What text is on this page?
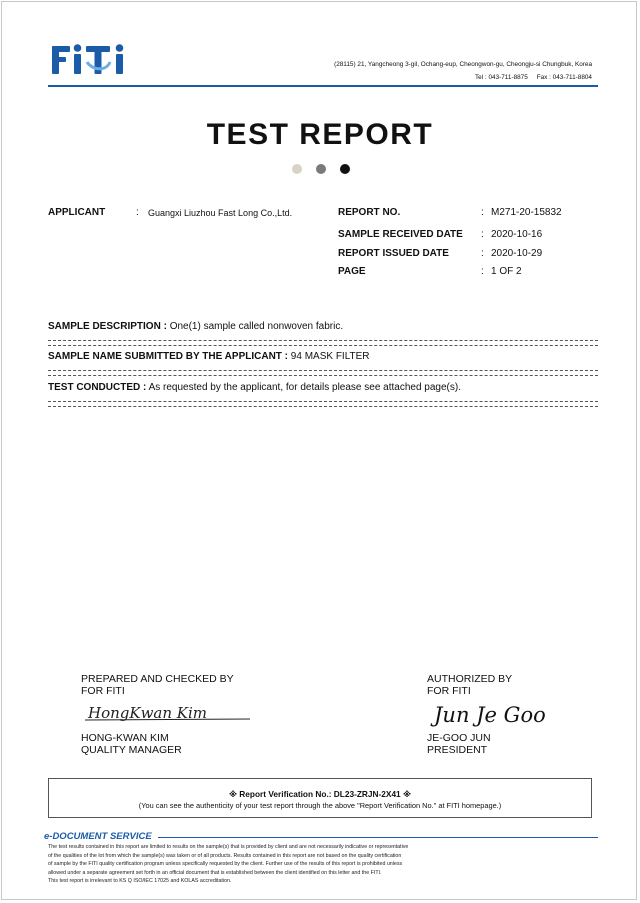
(28115) 21, Yangcheong 3-gil, Ochang-eup, Cheongwon-gu, Cheongju-si Chungbuk, Korea
Tel : 043-711-8875 Fax : 043-711-8804
TEST REPORT
APPLICANT	: Guangxi Liuzhou Fast Long Co.,Ltd.	REPORT NO.	: M271-20-15832
SAMPLE RECEIVED DATE : 2020-10-16
REPORT ISSUED DATE	: 2020-10-29
PAGE	: 1 OF 2
SAMPLE DESCRIPTION : One(1) sample called nonwoven fabric.
SAMPLE NAME SUBMITTED BY THE APPLICANT : 94 MASK FILTER
TEST CONDUCTED : As requested by the applicant, for details please see attached page(s).
PREPARED AND CHECKED BY
FOR FITI
HongKwan Kim
HONG-KWAN KIM
QUALITY MANAGER
AUTHORIZED BY
FOR FITI
Jun Je Goo
JE-GOO JUN
PRESIDENT
※ Report Verification No.: DL23-ZRJN-2X41 ※
(You can see the authenticity of your test report through the above "Report Verification No." at FITI homepage.)
e-DOCUMENT SERVICE
The test results contained in this report are limited to results on the sample(s) that is provided by client and are not necessarily indicative or representative
of the qualities of the lot from which the sample(s) was taken or of all products. Results contained in this report are not based on the quality certification
of sample by the FITI quality certification program unless specifically requested by the client. Further use of the results of this report is prohibited unless
allowed under a separate agreement set forth in an official document that is established between the client identified on this letter and the FITI.
This test report is irrelevant to KS Q ISO/IEC 17025 and KOLAS accreditation.
